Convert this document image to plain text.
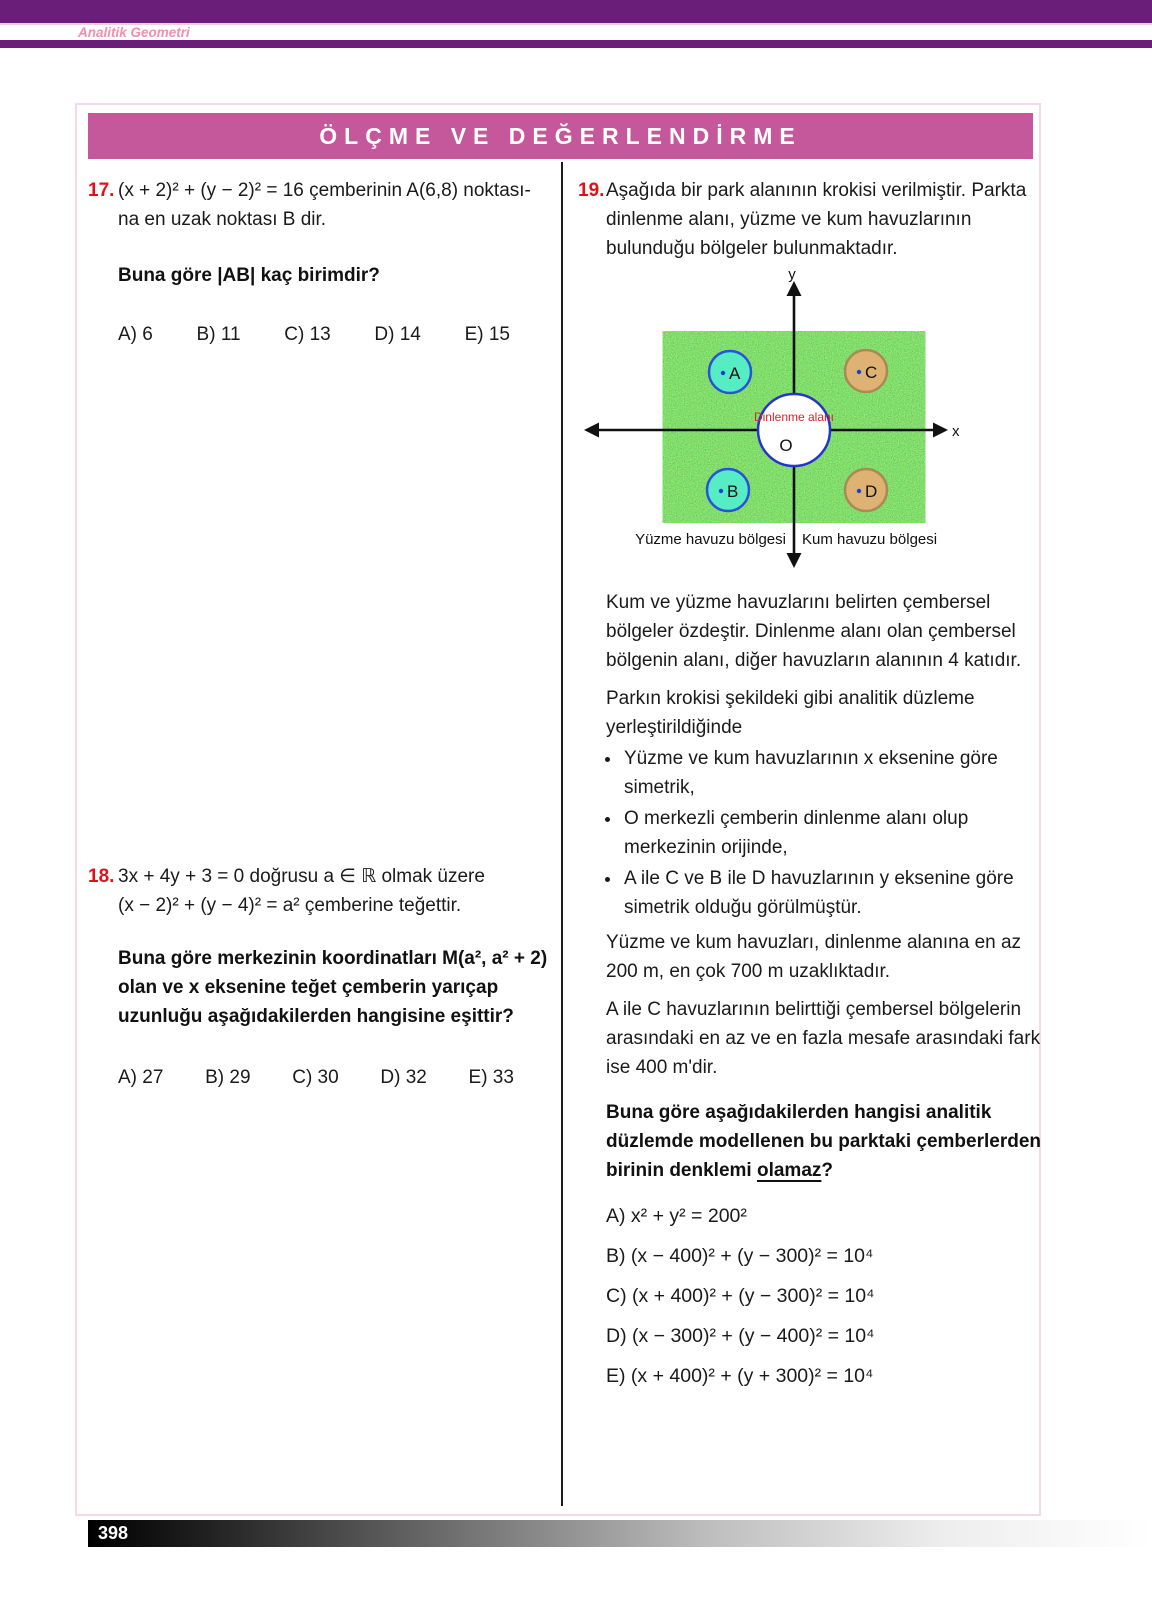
Analitik Geometri
ÖLÇME VE DEĞERLENDİRME

17. (x + 2)² + (y − 2)² = 16 çemberinin A(6,8) noktası-
na en uzak noktası B dir.

Buna göre |AB| kaç birimdir?

A) 6 B) 11 C) 13 D) 14 E) 15

18. 3x + 4y + 3 = 0 doğrusu a ∈ ℝ olmak üzere
(x − 2)² + (y − 4)² = a² çemberine teğettir.

Buna göre merkezinin koordinatları M(a², a² + 2) olan ve x eksenine teğet çemberin yarıçap uzunluğu aşağıdakilerden hangisine eşittir?

A) 27 B) 29 C) 30 D) 32 E) 33

19. Aşağıda bir park alanının krokisi verilmiştir. Parkta dinlenme alanı, yüzme ve kum havuzlarının bulunduğu bölgeler bulunmaktadır.

x
y
Dinlenme alanı
O
A	C
B	D
Yüzme havuzu bölgesi Kum havuzu bölgesi

Kum ve yüzme havuzlarını belirten çembersel bölgeler özdeştir. Dinlenme alanı olan çembersel bölgenin alanı, diğer havuzların alanının 4 katıdır.

Parkın krokisi şekildeki gibi analitik düzleme yerleştirildiğinde

• Yüzme ve kum havuzlarının x eksenine göre simetrik,
• O merkezli çemberin dinlenme alanı olup merkezinin orijinde,
• A ile C ve B ile D havuzlarının y eksenine göre simetrik olduğu görülmüştür.

Yüzme ve kum havuzları, dinlenme alanına en az 200 m, en çok 700 m uzaklıktadır.

A ile C havuzlarının belirttiği çembersel bölgelerin arasındaki en az ve en fazla mesafe arasındaki fark ise 400 m'dir.

Buna göre aşağıdakilerden hangisi analitik düzlemde modellenen bu parktaki çemberlerden birinin denklemi olamaz?

A) x² + y² = 200²

B) (x − 400)² + (y − 300)² = 10⁴

C) (x + 400)² + (y − 300)² = 10⁴

D) (x − 300)² + (y − 400)² = 10⁴

E) (x + 400)² + (y + 300)² = 10⁴

398
